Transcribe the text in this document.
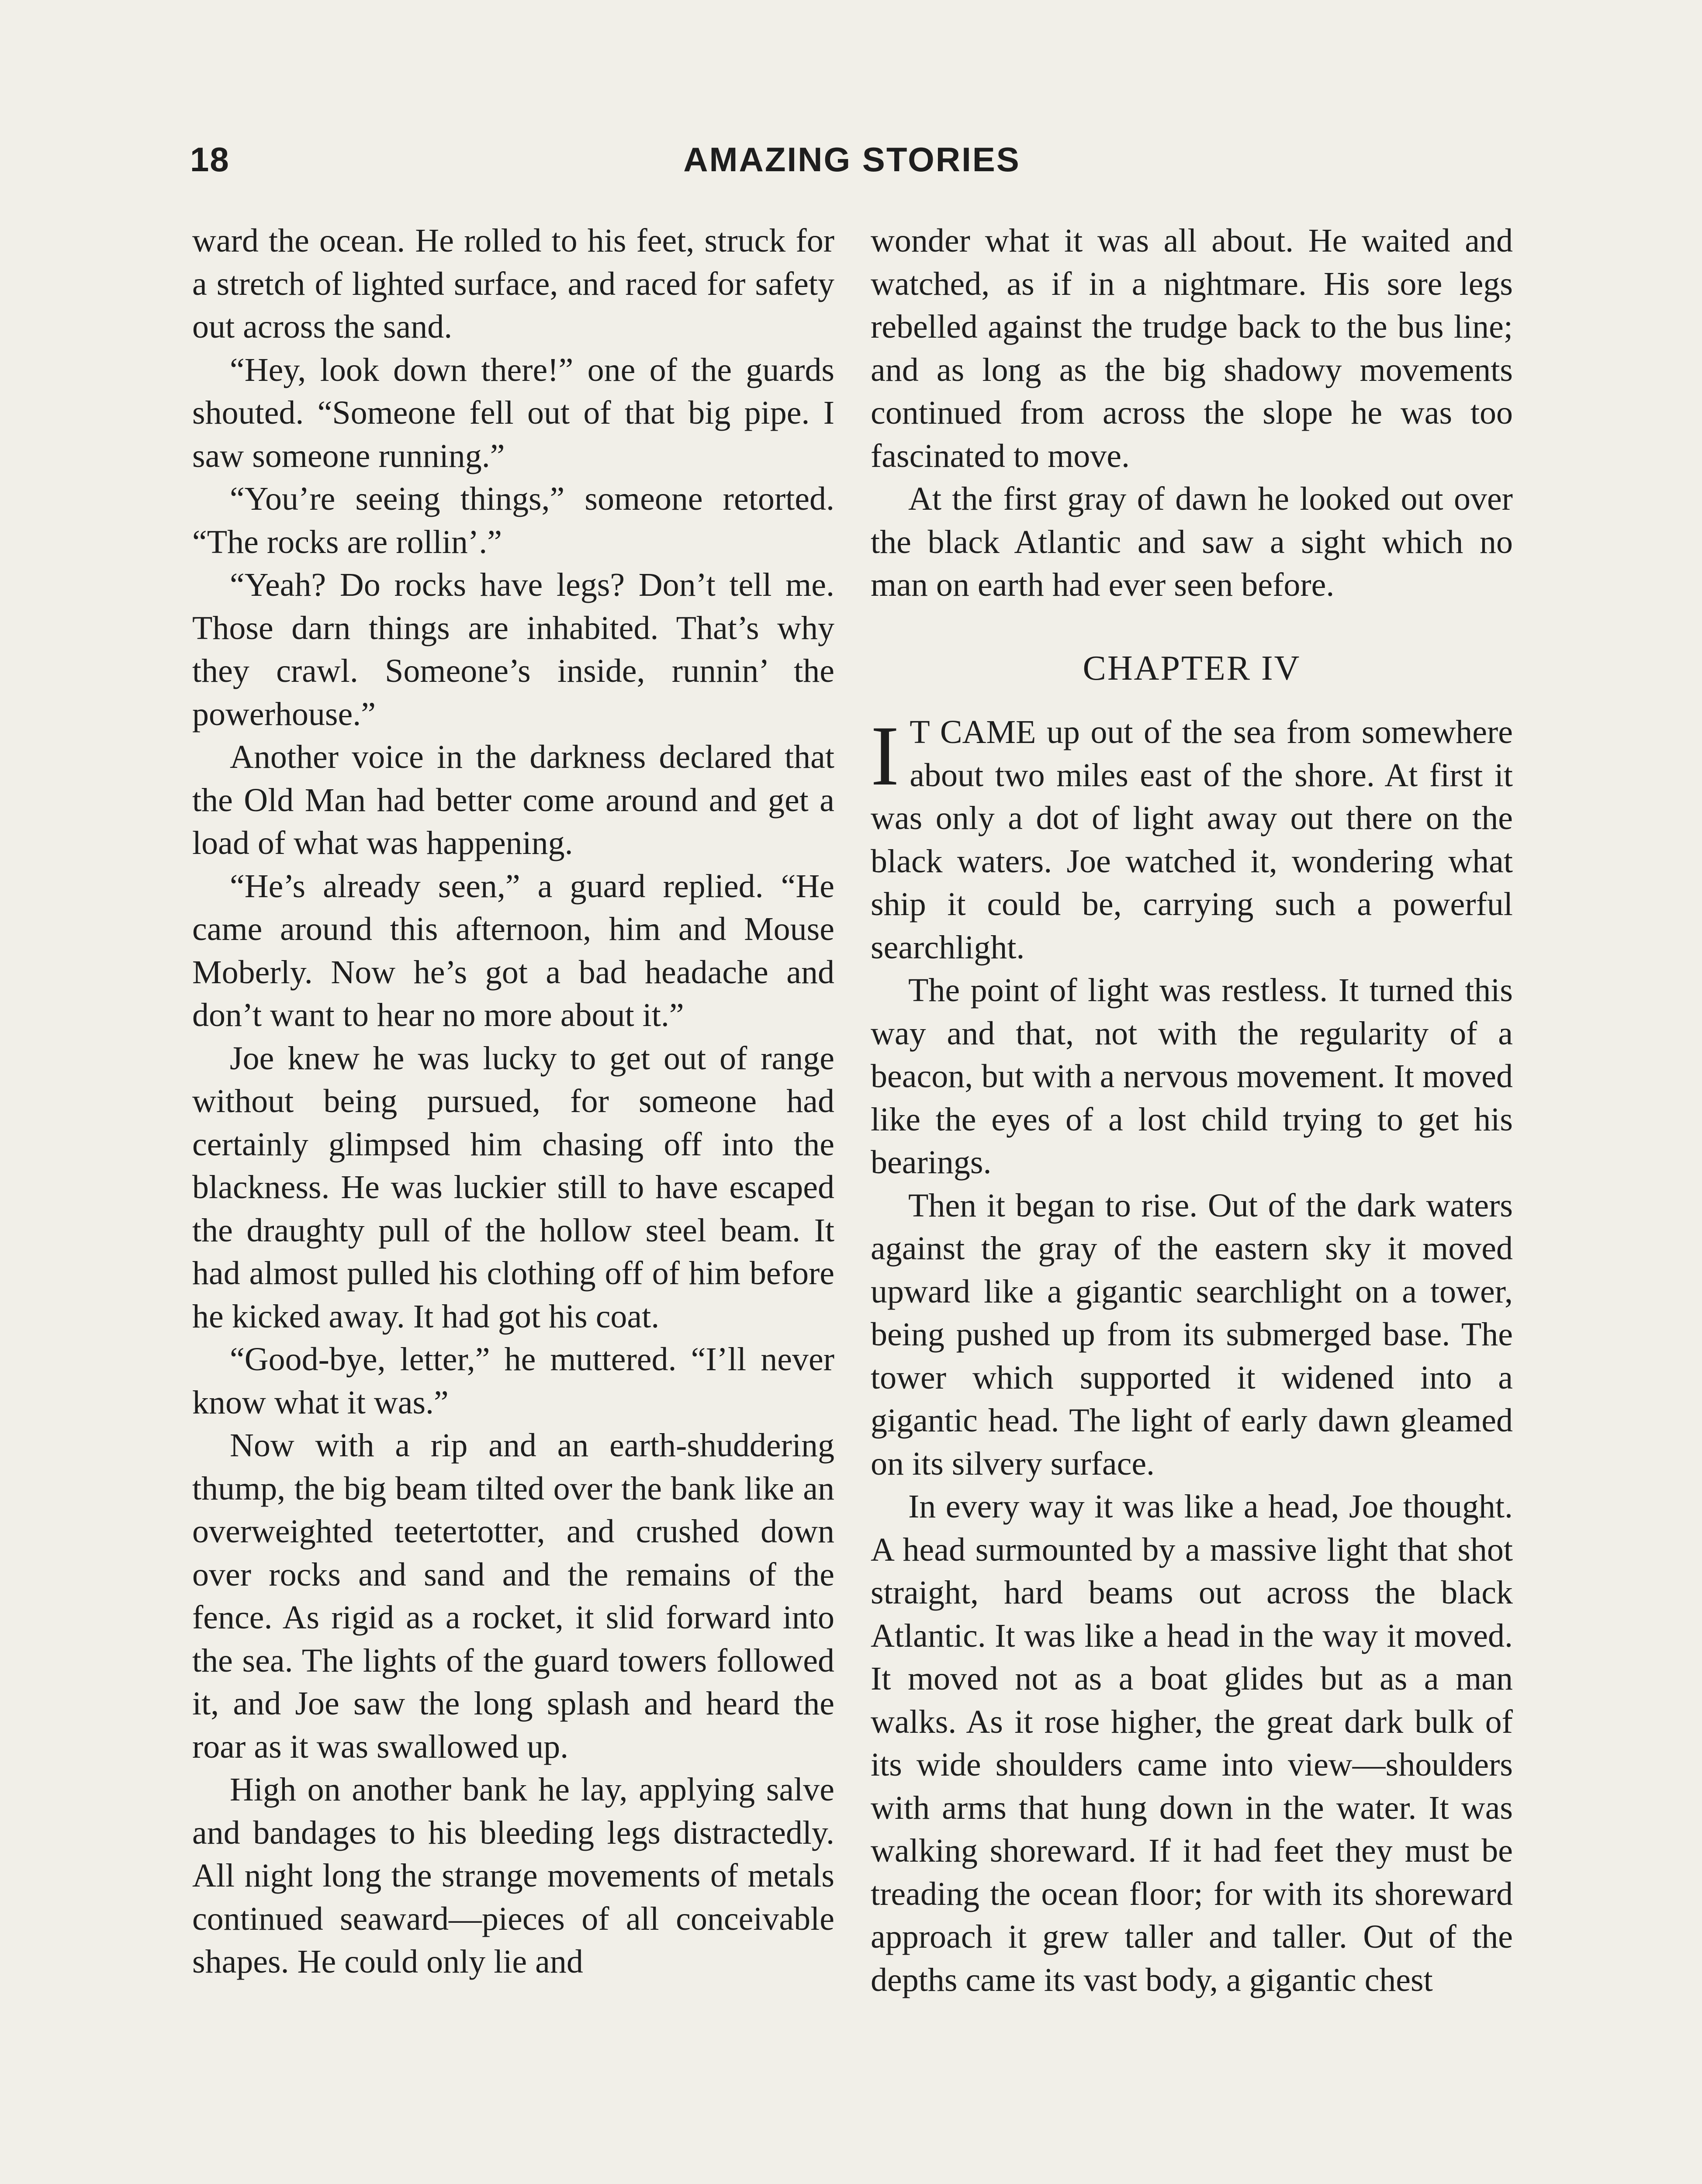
18	AMAZING STORIES

ward the ocean. He rolled to his feet, struck for a stretch of lighted surface, and raced for safety out across the sand.

“Hey, look down there!” one of the guards shouted. “Someone fell out of that big pipe. I saw someone running.”

“You’re seeing things,” someone retorted. “The rocks are rollin’.”

“Yeah? Do rocks have legs? Don’t tell me. Those darn things are inhabited. That’s why they crawl. Someone’s inside, runnin’ the powerhouse.”

Another voice in the darkness declared that the Old Man had better come around and get a load of what was happening.

“He’s already seen,” a guard replied. “He came around this afternoon, him and Mouse Moberly. Now he’s got a bad headache and don’t want to hear no more about it.”

Joe knew he was lucky to get out of range without being pursued, for someone had certainly glimpsed him chasing off into the blackness. He was luckier still to have escaped the draughty pull of the hollow steel beam. It had almost pulled his clothing off of him before he kicked away. It had got his coat.

“Good-bye, letter,” he muttered. “I’ll never know what it was.”

Now with a rip and an earth-shuddering thump, the big beam tilted over the bank like an overweighted teetertotter, and crushed down over rocks and sand and the remains of the fence. As rigid as a rocket, it slid forward into the sea. The lights of the guard towers followed it, and Joe saw the long splash and heard the roar as it was swallowed up.

High on another bank he lay, applying salve and bandages to his bleeding legs distractedly. All night long the strange movements of metals continued seaward—pieces of all conceivable shapes. He could only lie and

wonder what it was all about. He waited and watched, as if in a nightmare. His sore legs rebelled against the trudge back to the bus line; and as long as the big shadowy movements continued from across the slope he was too fascinated to move.

At the first gray of dawn he looked out over the black Atlantic and saw a sight which no man on earth had ever seen before.

CHAPTER IV

I T CAME up out of the sea from somewhere about two miles east of the shore. At first it was only a dot of light away out there on the black waters. Joe watched it, wondering what ship it could be, carrying such a powerful searchlight.

The point of light was restless. It turned this way and that, not with the regularity of a beacon, but with a nervous movement. It moved like the eyes of a lost child trying to get his bearings.

Then it began to rise. Out of the dark waters against the gray of the eastern sky it moved upward like a gigantic searchlight on a tower, being pushed up from its submerged base. The tower which supported it widened into a gigantic head. The light of early dawn gleamed on its silvery surface.

In every way it was like a head, Joe thought. A head surmounted by a massive light that shot straight, hard beams out across the black Atlantic. It was like a head in the way it moved. It moved not as a boat glides but as a man walks. As it rose higher, the great dark bulk of its wide shoulders came into view—shoulders with arms that hung down in the water. It was walking shoreward. If it had feet they must be treading the ocean floor; for with its shoreward approach it grew taller and taller. Out of the depths came its vast body, a gigantic chest
